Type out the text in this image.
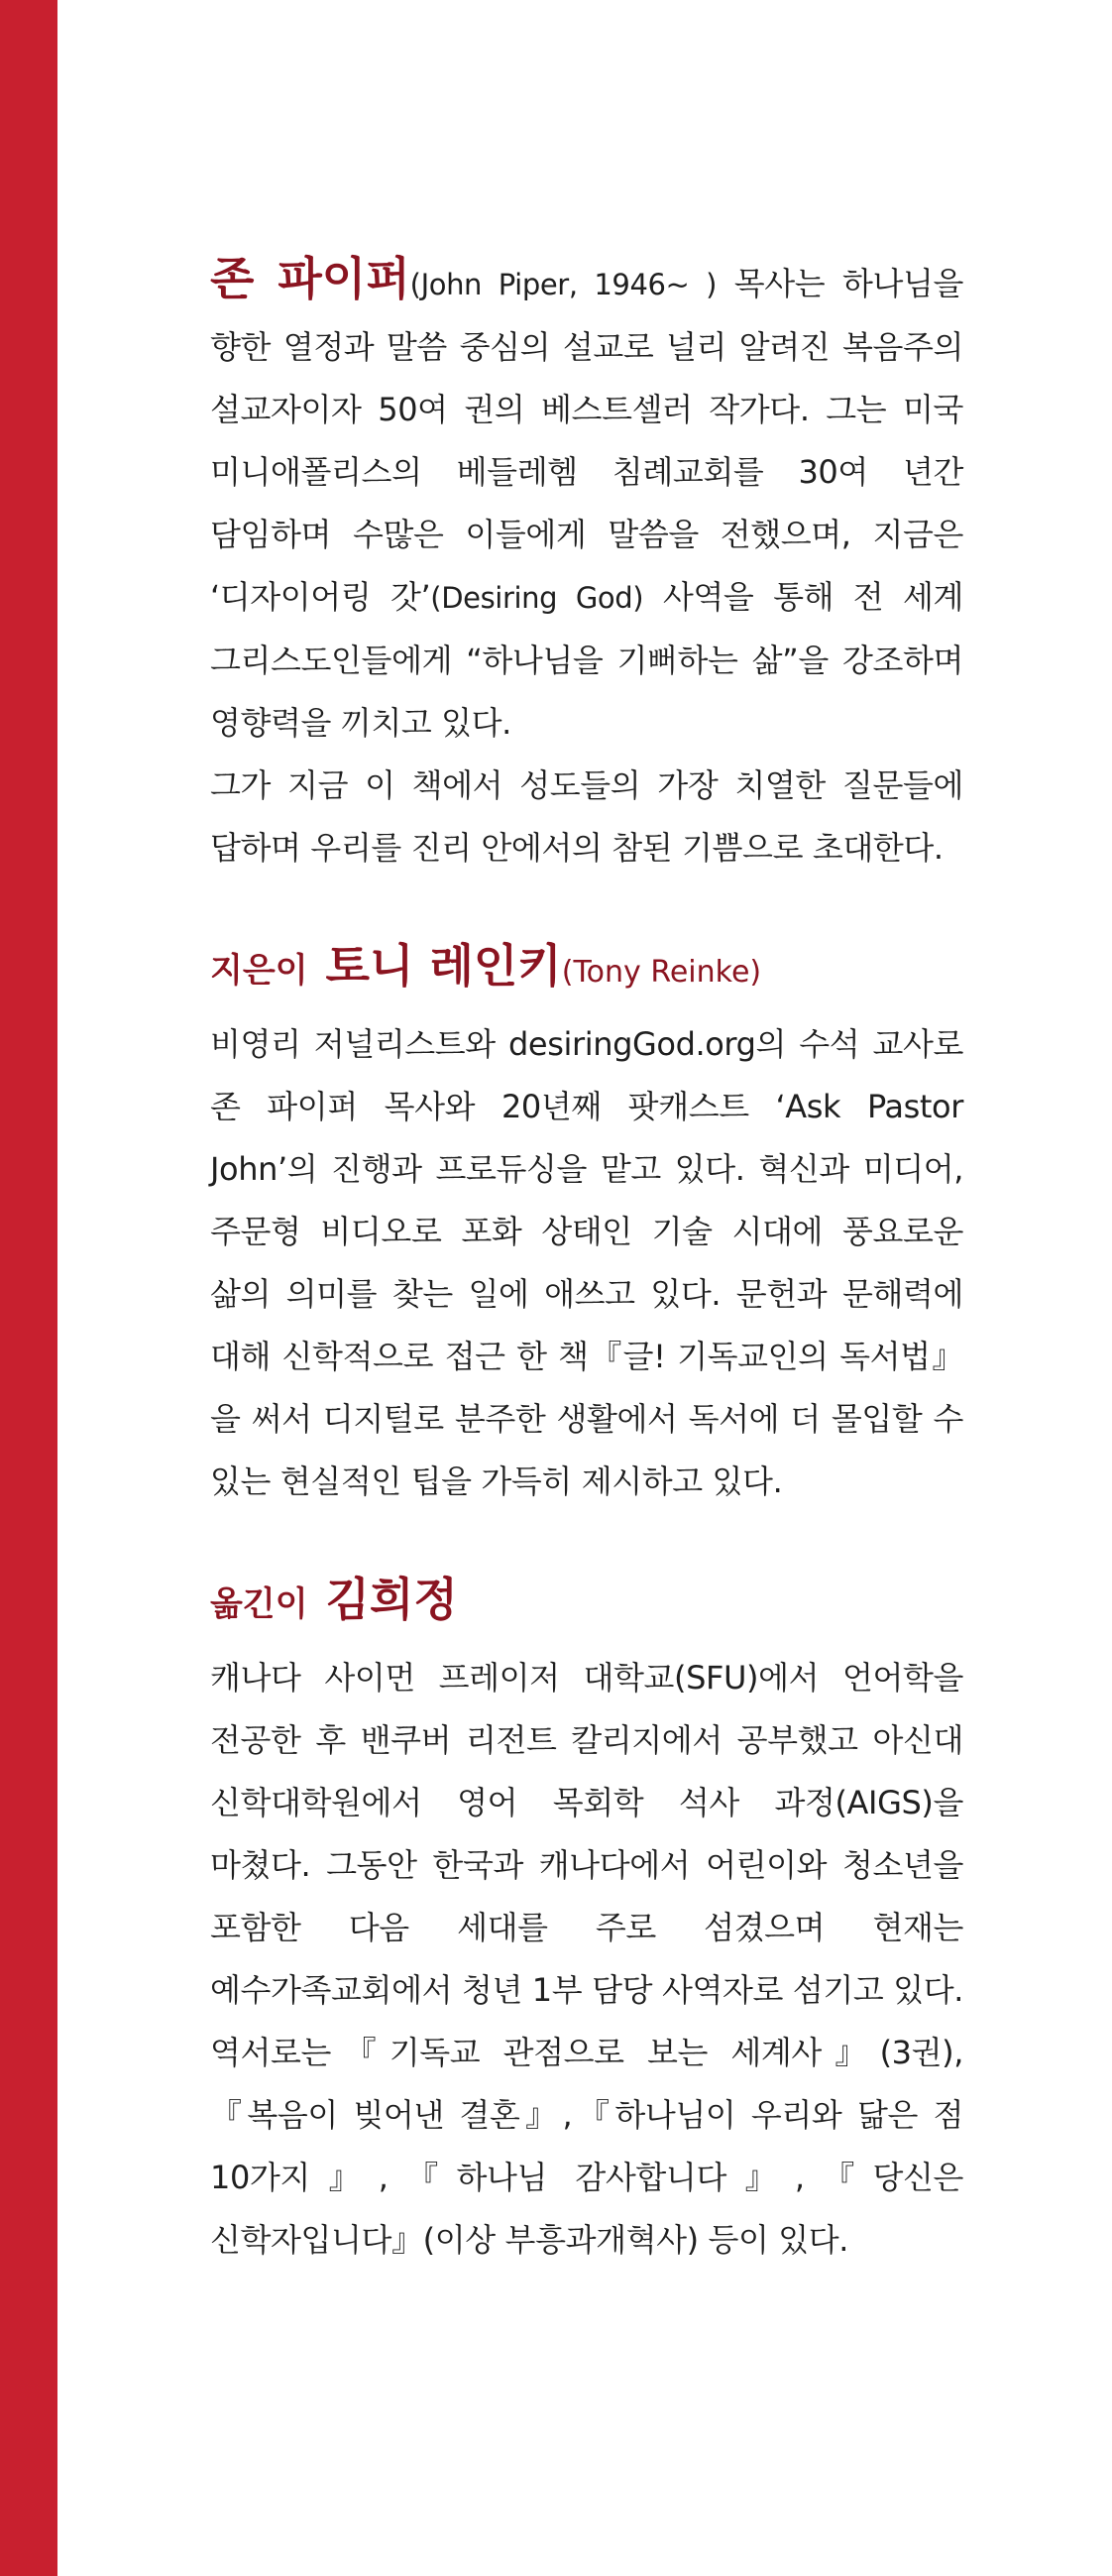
존 파이퍼(John Piper, 1946~ ) 목사는 하나님을 향한 열정과 말씀 중심의 설교로 널리 알려진 복음주의 설교자이자 50여 권의 베스트셀러 작가다. 그는 미국 미니애폴리스의 베들레헴 침례교회를 30여 년간 담임하며 수많은 이들에게 말씀을 전했으며, 지금은 ‘디자이어링 갓’(Desiring God) 사역을 통해 전 세계 그리스도인들에게 “하나님을 기뻐하는 삶”을 강조하며 영향력을 끼치고 있다.

그가 지금 이 책에서 성도들의 가장 치열한 질문들에 답하며 우리를 진리 안에서의 참된 기쁨으로 초대한다.

지은이 토니 레인키(Tony Reinke)

비영리 저널리스트와 desiringGod.org의 수석 교사로 존 파이퍼 목사와 20년째 팟캐스트 ‘Ask Pastor John’의 진행과 프로듀싱을 맡고 있다. 혁신과 미디어, 주문형 비디오로 포화 상태인 기술 시대에 풍요로운 삶의 의미를 찾는 일에 애쓰고 있다. 문헌과 문해력에 대해 신학적으로 접근 한 책『글! 기독교인의 독서법』을 써서 디지털로 분주한 생활에서 독서에 더 몰입할 수 있는 현실적인 팁을 가득히 제시하고 있다.

옮긴이 김희정

캐나다 사이먼 프레이저 대학교(SFU)에서 언어학을 전공한 후 밴쿠버 리전트 칼리지에서 공부했고 아신대 신학대학원에서 영어 목회학 석사 과정(AIGS)을 마쳤다. 그동안 한국과 캐나다에서 어린이와 청소년을 포함한 다음 세대를 주로 섬겼으며 현재는 예수가족교회에서 청년 1부 담당 사역자로 섬기고 있다. 역서로는『기독교 관점으로 보는 세계사』(3권),『복음이 빚어낸 결혼』,『하나님이 우리와 닮은 점 10가지』,『하나님 감사합니다』,『당신은 신학자입니다』(이상 부흥과개혁사) 등이 있다.
